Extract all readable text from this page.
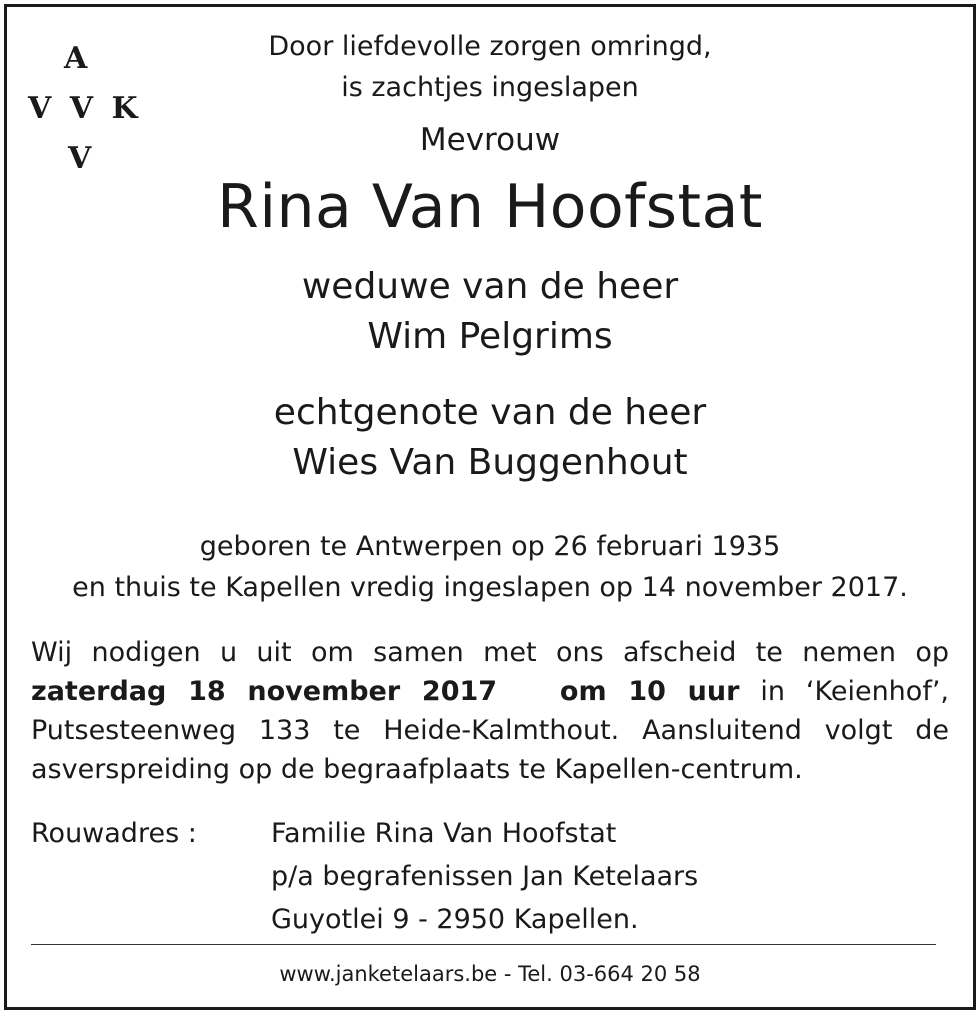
A
V V K
V
Door liefdevolle zorgen omringd,
is zachtjes ingeslapen
Mevrouw
Rina Van Hoofstat
weduwe van de heer
Wim Pelgrims
echtgenote van de heer
Wies Van Buggenhout
geboren te Antwerpen op 26 februari 1935
en thuis te Kapellen vredig ingeslapen op 14 november 2017.
Wij nodigen u uit om samen met ons afscheid te nemen op zaterdag 18 november 2017 om 10 uur in ‘Keienhof’, Putsesteenweg 133 te Heide-Kalmthout. Aansluitend volgt de asverspreiding op de begraafplaats te Kapellen-centrum.
Rouwadres :	Familie Rina Van Hoofstat
p/a begrafenissen Jan Ketelaars
Guyotlei 9 - 2950 Kapellen.
www.janketelaars.be - Tel. 03-664 20 58
